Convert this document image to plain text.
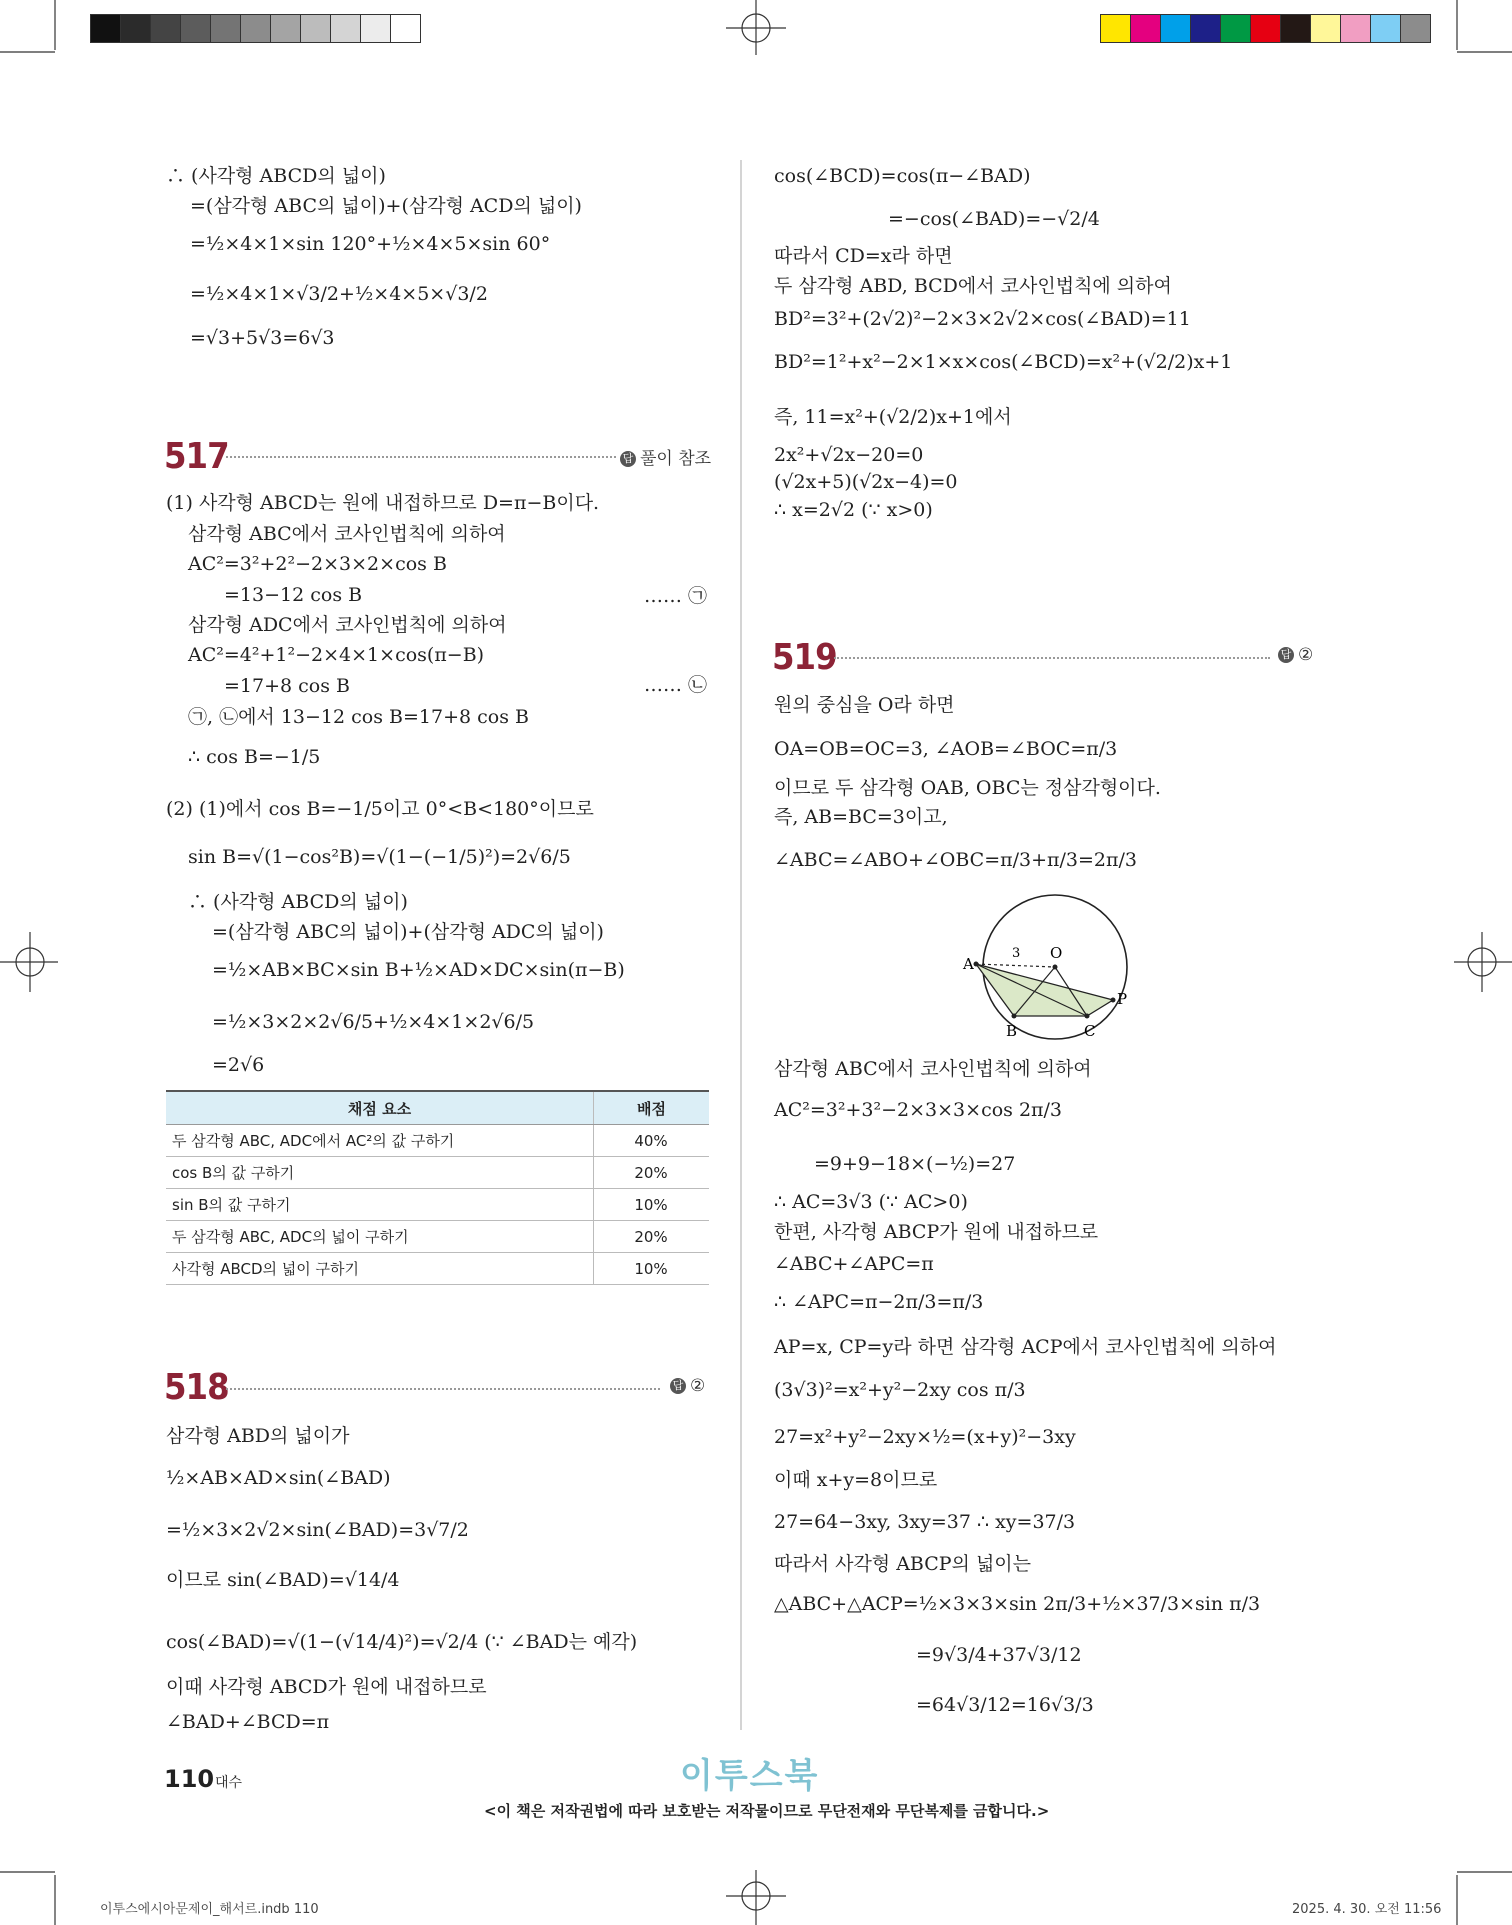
∴ (사각형 ABCD의 넓이)
=(삼각형 ABC의 넓이)+(삼각형 ACD의 넓이)
=½×4×1×sin 120°+½×4×5×sin 60°
=½×4×1×√3/2+½×4×5×√3/2
=√3+5√3=6√3
517	답 풀이 참조
(1) 사각형 ABCD는 원에 내접하므로 D=π−B이다.
삼각형 ABC에서 코사인법칙에 의하여
AC²=3²+2²−2×3×2×cos B
=13−12 cos B
삼각형 ADC에서 코사인법칙에 의하여
AC²=4²+1²−2×4×1×cos(π−B)
=17+8 cos B
㉠, ㉡에서 13−12 cos B=17+8 cos B
∴ cos B=−1/5
(2) (1)에서 cos B=−1/5이고 0°<B<180°이므로
sin B=√(1−cos²B)=√(1−(−1/5)²)=2√6/5
∴ (사각형 ABCD의 넓이)
=(삼각형 ABC의 넓이)+(삼각형 ADC의 넓이)
=½×AB×BC×sin B+½×AD×DC×sin(π−B)
=½×3×2×2√6/5+½×4×1×2√6/5
=2√6
…… ㉠
…… ㉡
채점 요소	배점
두 삼각형 ABC, ADC에서 AC²의 값 구하기	40%
cos B의 값 구하기	20%
sin B의 값 구하기	10%
두 삼각형 ABC, ADC의 넓이 구하기	20%
사각형 ABCD의 넓이 구하기	10%
518	답 ②
삼각형 ABD의 넓이가
½×AB×AD×sin(∠BAD)
=½×3×2√2×sin(∠BAD)=3√7/2
이므로 sin(∠BAD)=√14/4
cos(∠BAD)=√(1−(√14/4)²)=√2/4 (∵ ∠BAD는 예각)
이때 사각형 ABCD가 원에 내접하므로
∠BAD+∠BCD=π
cos(∠BCD)=cos(π−∠BAD)
=−cos(∠BAD)=−√2/4
따라서 CD=x라 하면
두 삼각형 ABD, BCD에서 코사인법칙에 의하여
BD²=3²+(2√2)²−2×3×2√2×cos(∠BAD)=11
BD²=1²+x²−2×1×x×cos(∠BCD)=x²+(√2/2)x+1
즉, 11=x²+(√2/2)x+1에서
2x²+√2x−20=0
(√2x+5)(√2x−4)=0
∴ x=2√2 (∵ x>0)
519	답 ②
원의 중심을 O라 하면
OA=OB=OC=3, ∠AOB=∠BOC=π/3
이므로 두 삼각형 OAB, OBC는 정삼각형이다.
즉, AB=BC=3이고,
∠ABC=∠ABO+∠OBC=π/3+π/3=2π/3
A
O
P
B	C
3
삼각형 ABC에서 코사인법칙에 의하여
AC²=3²+3²−2×3×3×cos 2π/3
=9+9−18×(−½)=27
∴ AC=3√3 (∵ AC>0)
한편, 사각형 ABCP가 원에 내접하므로
∠ABC+∠APC=π
∴ ∠APC=π−2π/3=π/3
AP=x, CP=y라 하면 삼각형 ACP에서 코사인법칙에 의하여
(3√3)²=x²+y²−2xy cos π/3
27=x²+y²−2xy×½=(x+y)²−3xy
이때 x+y=8이므로
27=64−3xy, 3xy=37 ∴ xy=37/3
따라서 사각형 ABCP의 넓이는
△ABC+△ACP=½×3×3×sin 2π/3+½×37/3×sin π/3
=9√3/4+37√3/12
=64√3/12=16√3/3
110 대수	이투스북
<이 책은 저작권법에 따라 보호받는 저작물이므로 무단전재와 무단복제를 금합니다.>
이투스에시아문제이_해서르.indb 110	2025. 4. 30. 오전 11:56
